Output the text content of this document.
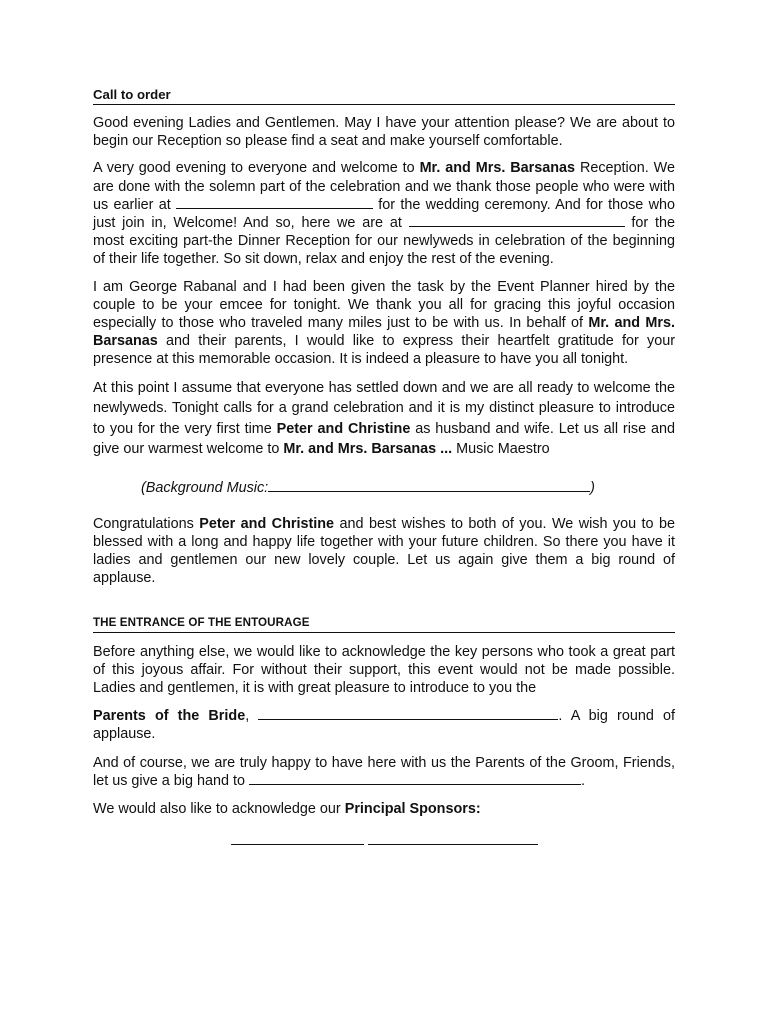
Call to order

Good evening Ladies and Gentlemen. May I have your attention please? We are about to begin our Reception so please find a seat and make yourself comfortable.

A very good evening to everyone and welcome to Mr. and Mrs. Barsanas Reception. We are done with the solemn part of the celebration and we thank those people who were with us earlier at	for the wedding ceremony. And for those who just join in, Welcome! And so, here we are at	for the most exciting part-the Dinner Reception for our newlyweds in celebration of the beginning of their life together. So sit down, relax and enjoy the rest of the evening.

I am George Rabanal and I had been given the task by the Event Planner hired by the couple to be your emcee for tonight. We thank you all for gracing this joyful occasion especially to those who traveled many miles just to be with us. In behalf of Mr. and Mrs. Barsanas and their parents, I would like to express their heartfelt gratitude for your presence at this memorable occasion. It is indeed a pleasure to have you all tonight.

At this point I assume that everyone has settled down and we are all ready to welcome the newlyweds. Tonight calls for a grand celebration and it is my distinct pleasure to introduce to you for the very first time Peter and Christine as husband and wife. Let us all rise and give our warmest welcome to Mr. and Mrs. Barsanas ... Music Maestro

(Background Music:	)

Congratulations Peter and Christine and best wishes to both of you. We wish you to be blessed with a long and happy life together with your future children. So there you have it ladies and gentlemen our new lovely couple. Let us again give them a big round of applause.

THE ENTRANCE OF THE ENTOURAGE

Before anything else, we would like to acknowledge the key persons who took a great part of this joyous affair. For without their support, this event would not be made possible. Ladies and gentlemen, it is with great pleasure to introduce to you the

Parents of the Bride,	. A big round of applause.

And of course, we are truly happy to have here with us the Parents of the Groom, Friends, let us give a big hand to	.

We would also like to acknowledge our Principal Sponsors:
